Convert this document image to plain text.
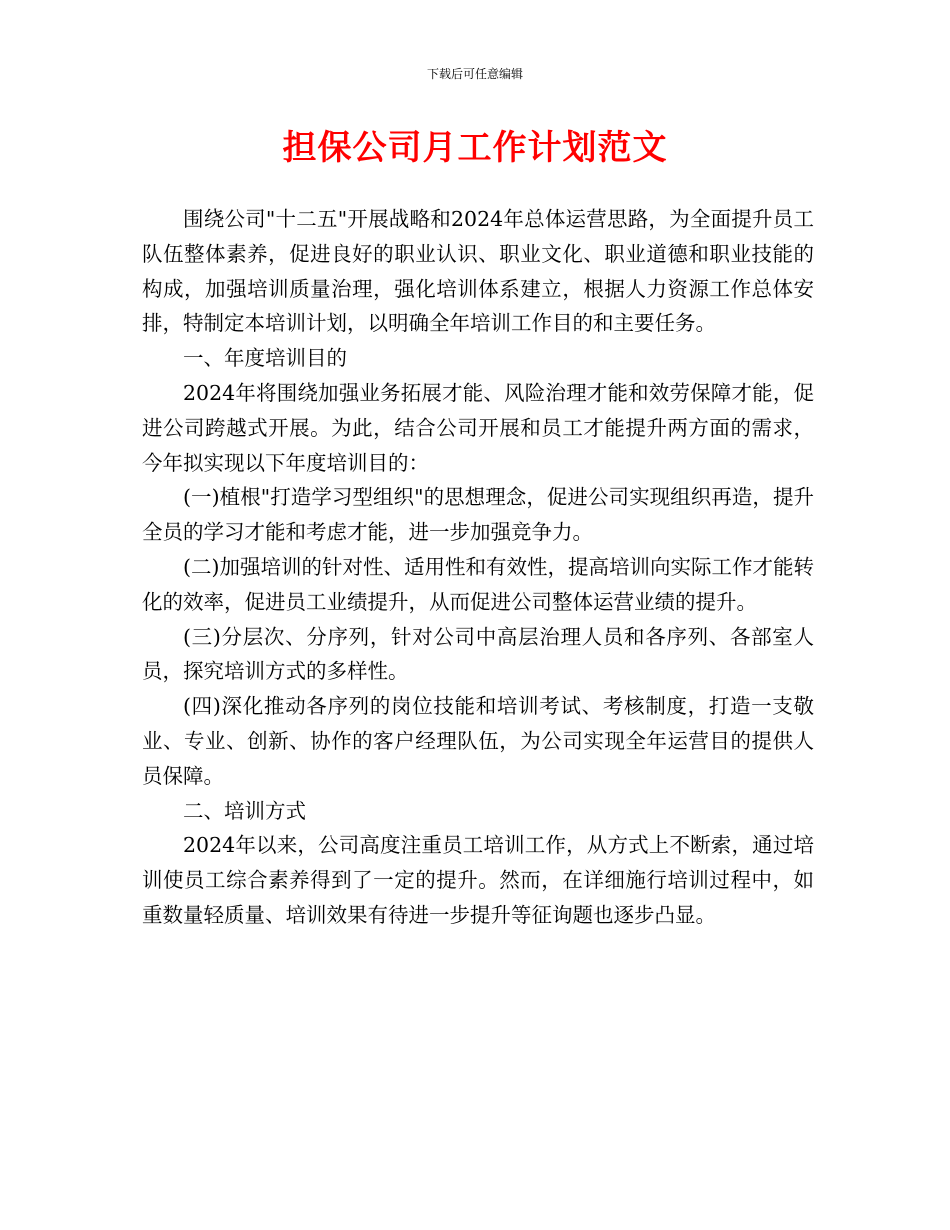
下载后可任意编辑
担保公司月工作计划范文

围绕公司"十二五"开展战略和2024年总体运营思路，为全面提升员工队伍整体素养，促进良好的职业认识、职业文化、职业道德和职业技能的构成，加强培训质量治理，强化培训体系建立，根据人力资源工作总体安排，特制定本培训计划，以明确全年培训工作目的和主要任务。

一、年度培训目的

2024年将围绕加强业务拓展才能、风险治理才能和效劳保障才能，促进公司跨越式开展。为此，结合公司开展和员工才能提升两方面的需求，今年拟实现以下年度培训目的：

(一)植根"打造学习型组织"的思想理念，促进公司实现组织再造，提升全员的学习才能和考虑才能，进一步加强竞争力。

(二)加强培训的针对性、适用性和有效性，提高培训向实际工作才能转化的效率，促进员工业绩提升，从而促进公司整体运营业绩的提升。

(三)分层次、分序列，针对公司中高层治理人员和各序列、各部室人员，探究培训方式的多样性。

(四)深化推动各序列的岗位技能和培训考试、考核制度，打造一支敬业、专业、创新、协作的客户经理队伍，为公司实现全年运营目的提供人员保障。

二、培训方式

2024年以来，公司高度注重员工培训工作，从方式上不断索，通过培训使员工综合素养得到了一定的提升。然而，在详细施行培训过程中，如重数量轻质量、培训效果有待进一步提升等征询题也逐步凸显。
